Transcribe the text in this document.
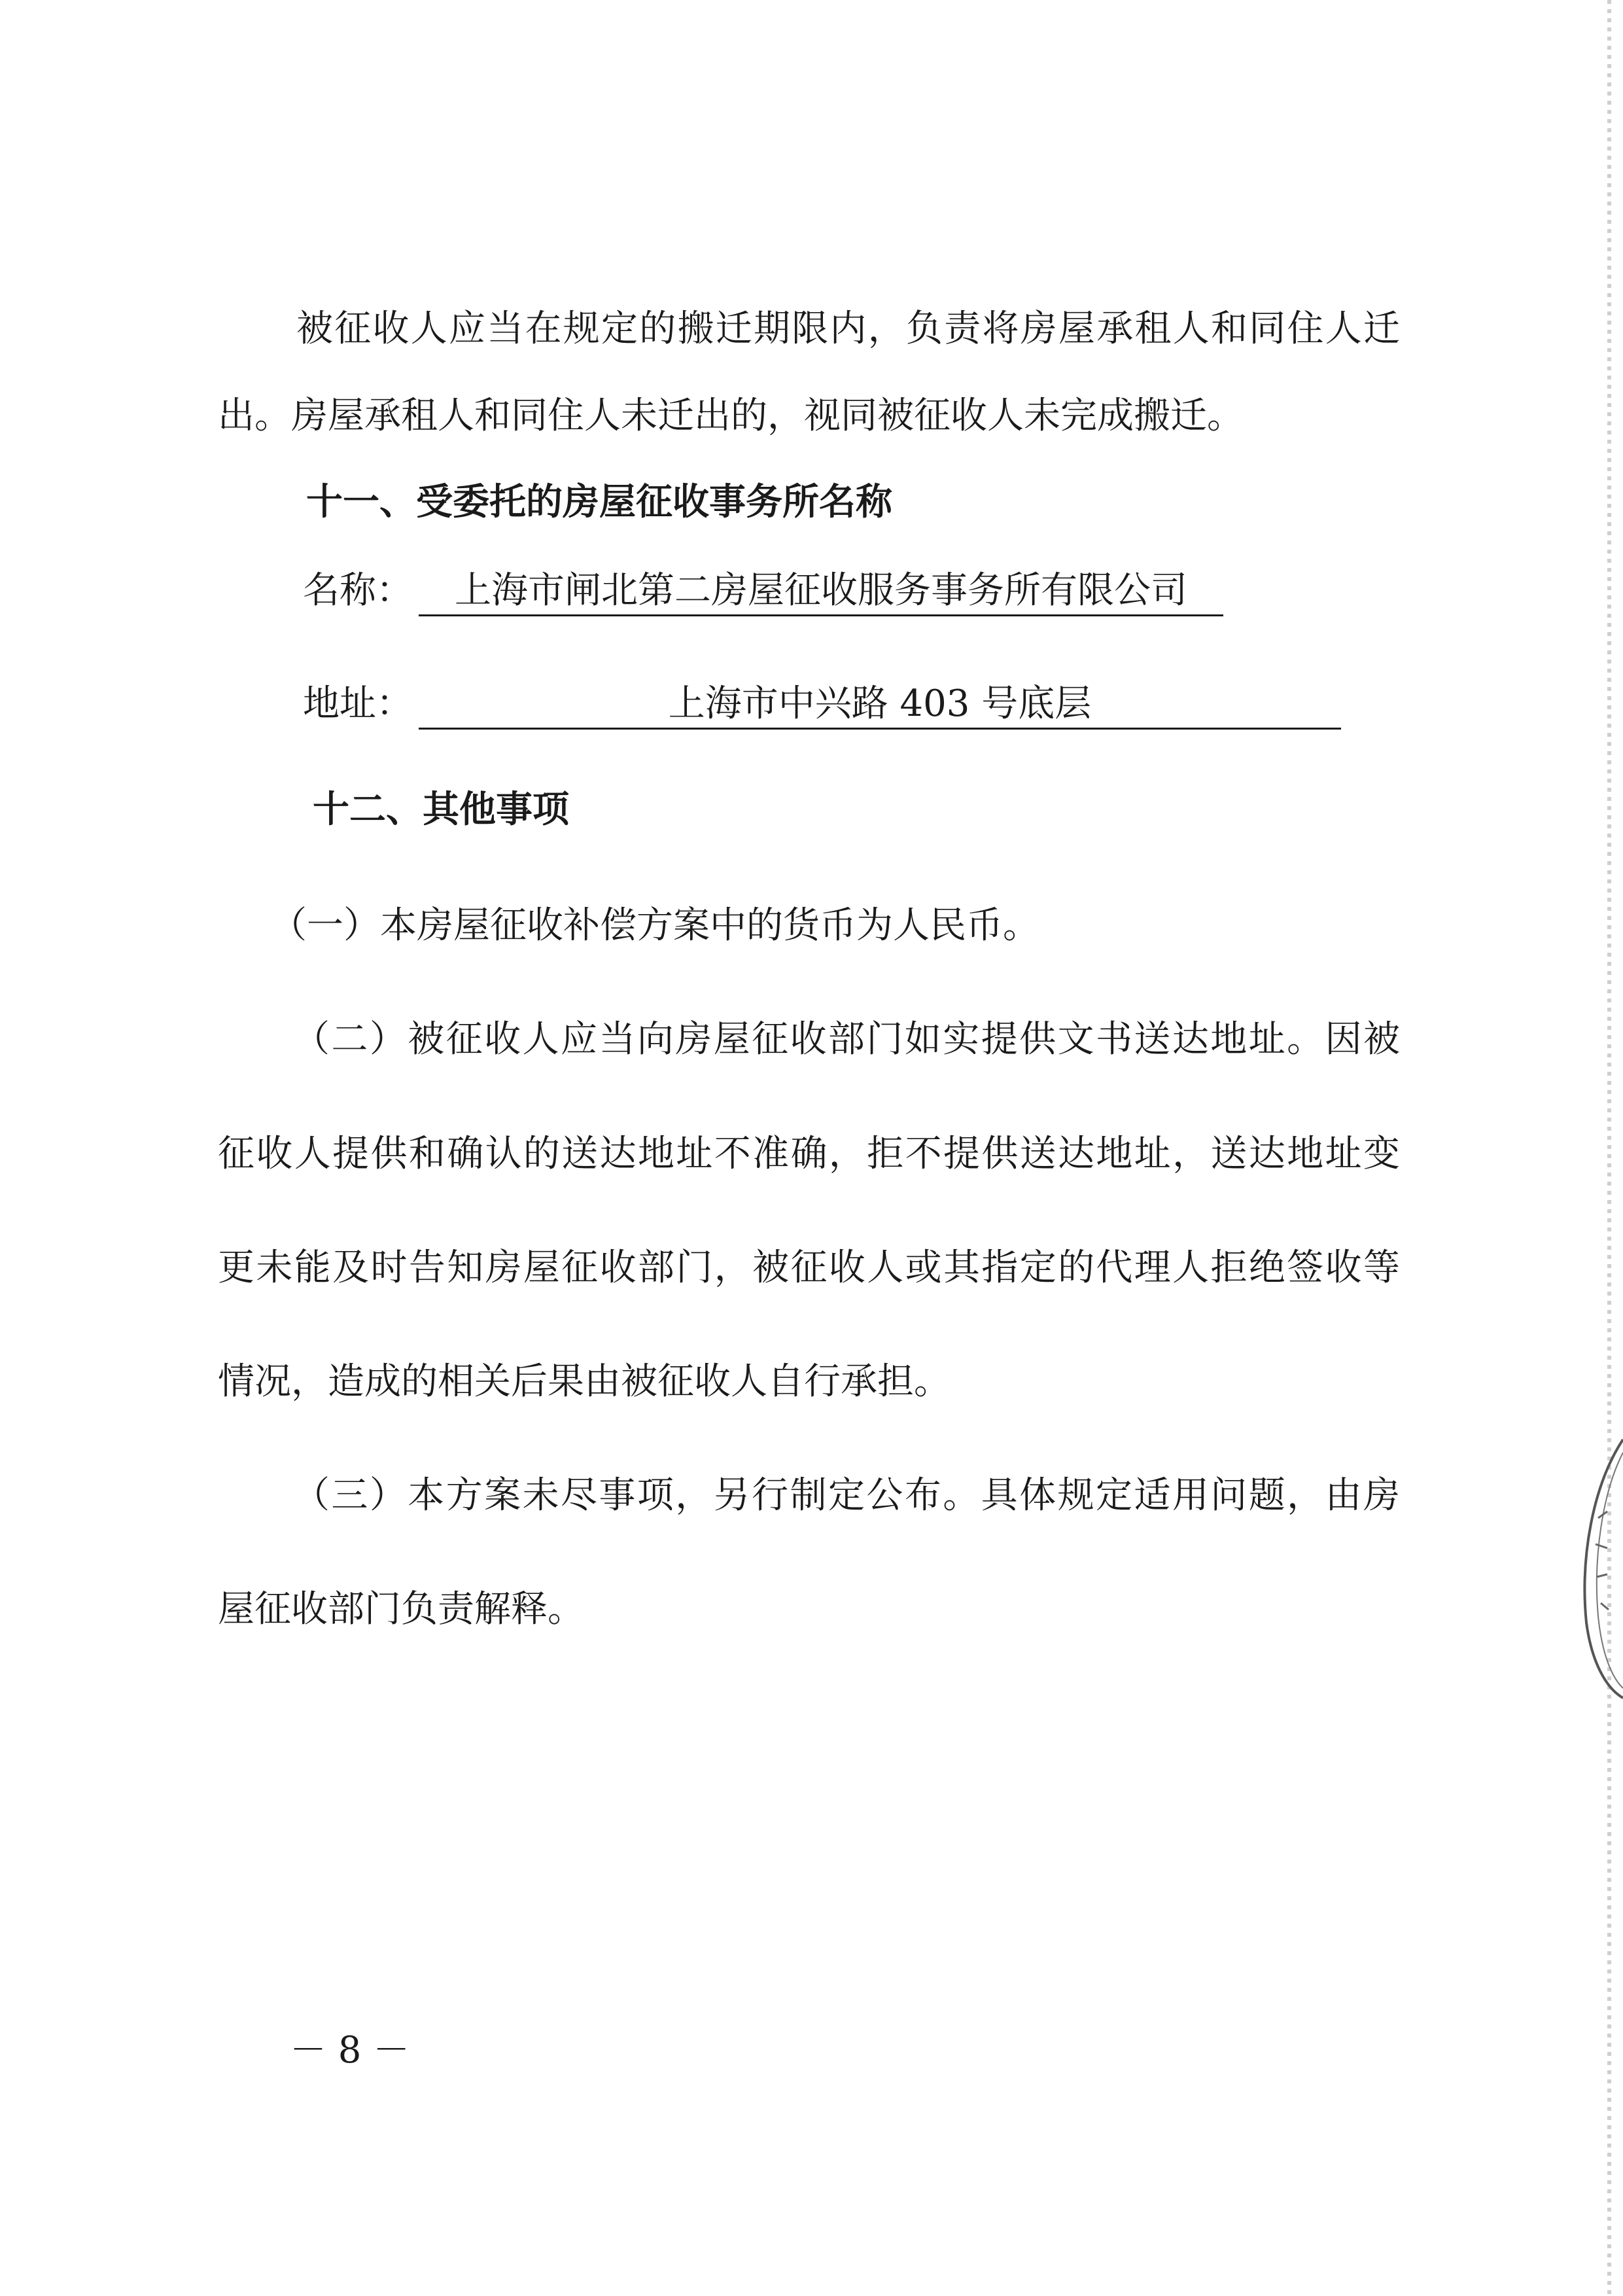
被征收人应当在规定的搬迁期限内，负责将房屋承租人和同住人迁

出。房屋承租人和同住人未迁出的，视同被征收人未完成搬迁。

十一、受委托的房屋征收事务所名称

名称：	上海市闸北第二房屋征收服务事务所有限公司
地址：	上海市中兴路 403 号底层

十二、其他事项

（一）本房屋征收补偿方案中的货币为人民币。

（二）被征收人应当向房屋征收部门如实提供文书送达地址。因被

征收人提供和确认的送达地址不准确，拒不提供送达地址，送达地址变

更未能及时告知房屋征收部门，被征收人或其指定的代理人拒绝签收等

情况，造成的相关后果由被征收人自行承担。

（三）本方案未尽事项，另行制定公布。具体规定适用问题，由房

屋征收部门负责解释。

－ 8 －
